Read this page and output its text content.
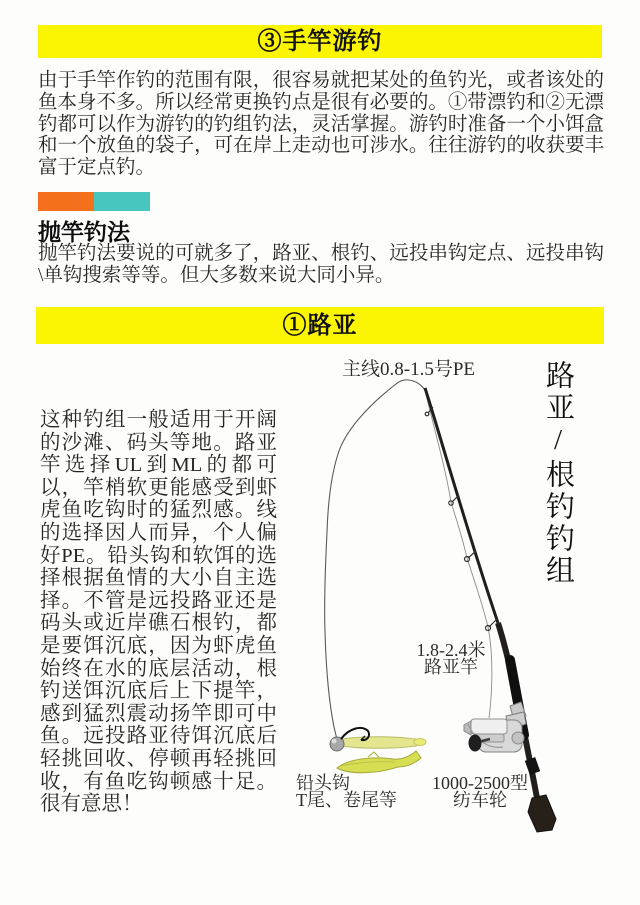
③手竿游钓
由于手竿作钓的范围有限，很容易就把某处的鱼钓光，或者该处的鱼本身不多。所以经常更换钓点是很有必要的。①带漂钓和②无漂钓都可以作为游钓的钓组钓法，灵活掌握。游钓时准备一个小饵盒和一个放鱼的袋子，可在岸上走动也可涉水。往往游钓的收获要丰富于定点钓。
抛竿钓法
抛竿钓法要说的可就多了，路亚、根钓、远投串钩定点、远投串钩\单钩搜索等等。但大多数来说大同小异。
①路亚
这种钓组一般适用于开阔的沙滩、码头等地。路亚竿选择UL到ML的都可以，竿梢软更能感受到虾虎鱼吃钩时的猛烈感。线的选择因人而异，个人偏好PE。铅头钩和软饵的选择根据鱼情的大小自主选择。不管是远投路亚还是码头或近岸礁石根钓，都是要饵沉底，因为虾虎鱼始终在水的底层活动，根钓送饵沉底后上下提竿，感到猛烈震动扬竿即可中鱼。远投路亚待饵沉底后轻挑回收、停顿再轻挑回收，有鱼吃钩顿感十足。很有意思！
主线0.8-1.5号PE
1.8-2.4米
路亚竿
铅头钩
T尾、卷尾等
1000-2500型
纺车轮
路亚/根钓钓组
